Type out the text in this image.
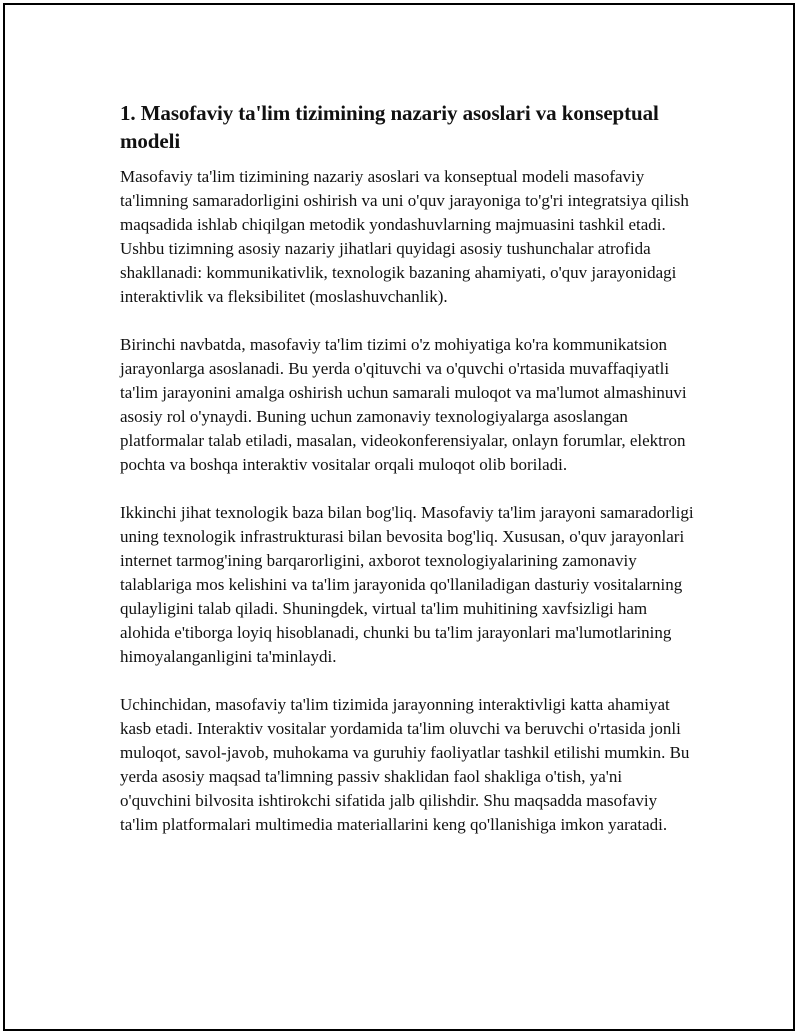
1. Masofaviy ta'lim tizimining nazariy asoslari va konseptual modeli

Masofaviy ta'lim tizimining nazariy asoslari va konseptual modeli masofaviy ta'limning samaradorligini oshirish va uni o'quv jarayoniga to'g'ri integratsiya qilish maqsadida ishlab chiqilgan metodik yondashuvlarning majmuasini tashkil etadi. Ushbu tizimning asosiy nazariy jihatlari quyidagi asosiy tushunchalar atrofida shakllanadi: kommunikativlik, texnologik bazaning ahamiyati, o'quv jarayonidagi interaktivlik va fleksibilitet (moslashuvchanlik).

Birinchi navbatda, masofaviy ta'lim tizimi o'z mohiyatiga ko'ra kommunikatsion jarayonlarga asoslanadi. Bu yerda o'qituvchi va o'quvchi o'rtasida muvaffaqiyatli ta'lim jarayonini amalga oshirish uchun samarali muloqot va ma'lumot almashinuvi asosiy rol o'ynaydi. Buning uchun zamonaviy texnologiyalarga asoslangan platformalar talab etiladi, masalan, videokonferensiyalar, onlayn forumlar, elektron pochta va boshqa interaktiv vositalar orqali muloqot olib boriladi.

Ikkinchi jihat texnologik baza bilan bog'liq. Masofaviy ta'lim jarayoni samaradorligi uning texnologik infrastrukturasi bilan bevosita bog'liq. Xususan, o'quv jarayonlari internet tarmog'ining barqarorligini, axborot texnologiyalarining zamonaviy talablariga mos kelishini va ta'lim jarayonida qo'llaniladigan dasturiy vositalarning qulayligini talab qiladi. Shuningdek, virtual ta'lim muhitining xavfsizligi ham alohida e'tiborga loyiq hisoblanadi, chunki bu ta'lim jarayonlari ma'lumotlarining himoyalanganligini ta'minlaydi.

Uchinchidan, masofaviy ta'lim tizimida jarayonning interaktivligi katta ahamiyat kasb etadi. Interaktiv vositalar yordamida ta'lim oluvchi va beruvchi o'rtasida jonli muloqot, savol-javob, muhokama va guruhiy faoliyatlar tashkil etilishi mumkin. Bu yerda asosiy maqsad ta'limning passiv shaklidan faol shakliga o'tish, ya'ni o'quvchini bilvosita ishtirokchi sifatida jalb qilishdir. Shu maqsadda masofaviy ta'lim platformalari multimedia materiallarini keng qo'llanishiga imkon yaratadi.
